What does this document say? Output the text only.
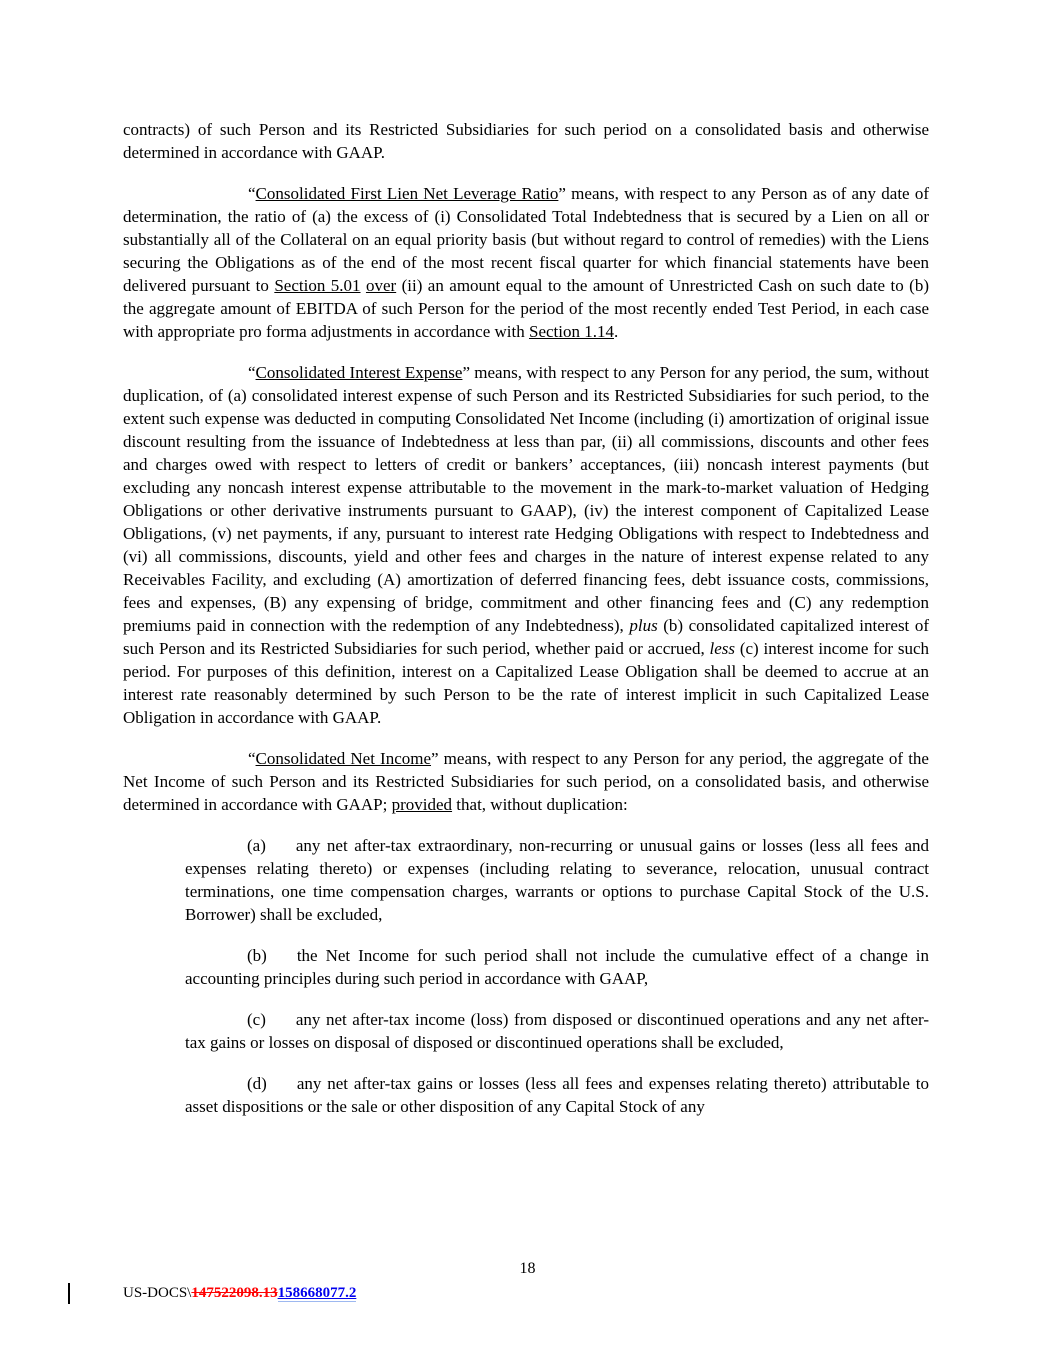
contracts) of such Person and its Restricted Subsidiaries for such period on a consolidated basis and otherwise determined in accordance with GAAP.

“Consolidated First Lien Net Leverage Ratio” means, with respect to any Person as of any date of determination, the ratio of (a) the excess of (i) Consolidated Total Indebtedness that is secured by a Lien on all or substantially all of the Collateral on an equal priority basis (but without regard to control of remedies) with the Liens securing the Obligations as of the end of the most recent fiscal quarter for which financial statements have been delivered pursuant to Section 5.01 over (ii) an amount equal to the amount of Unrestricted Cash on such date to (b) the aggregate amount of EBITDA of such Person for the period of the most recently ended Test Period, in each case with appropriate pro forma adjustments in accordance with Section 1.14.

“Consolidated Interest Expense” means, with respect to any Person for any period, the sum, without duplication, of (a) consolidated interest expense of such Person and its Restricted Subsidiaries for such period, to the extent such expense was deducted in computing Consolidated Net Income (including (i) amortization of original issue discount resulting from the issuance of Indebtedness at less than par, (ii) all commissions, discounts and other fees and charges owed with respect to letters of credit or bankers’ acceptances, (iii) noncash interest payments (but excluding any noncash interest expense attributable to the movement in the mark-to-market valuation of Hedging Obligations or other derivative instruments pursuant to GAAP), (iv) the interest component of Capitalized Lease Obligations, (v) net payments, if any, pursuant to interest rate Hedging Obligations with respect to Indebtedness and (vi) all commissions, discounts, yield and other fees and charges in the nature of interest expense related to any Receivables Facility, and excluding (A) amortization of deferred financing fees, debt issuance costs, commissions, fees and expenses, (B) any expensing of bridge, commitment and other financing fees and (C) any redemption premiums paid in connection with the redemption of any Indebtedness), plus (b) consolidated capitalized interest of such Person and its Restricted Subsidiaries for such period, whether paid or accrued, less (c) interest income for such period. For purposes of this definition, interest on a Capitalized Lease Obligation shall be deemed to accrue at an interest rate reasonably determined by such Person to be the rate of interest implicit in such Capitalized Lease Obligation in accordance with GAAP.

“Consolidated Net Income” means, with respect to any Person for any period, the aggregate of the Net Income of such Person and its Restricted Subsidiaries for such period, on a consolidated basis, and otherwise determined in accordance with GAAP; provided that, without duplication:

(a) any net after-tax extraordinary, non-recurring or unusual gains or losses (less all fees and expenses relating thereto) or expenses (including relating to severance, relocation, unusual contract terminations, one time compensation charges, warrants or options to purchase Capital Stock of the U.S. Borrower) shall be excluded,

(b) the Net Income for such period shall not include the cumulative effect of a change in accounting principles during such period in accordance with GAAP,

(c) any net after-tax income (loss) from disposed or discontinued operations and any net after-tax gains or losses on disposal of disposed or discontinued operations shall be excluded,

(d) any net after-tax gains or losses (less all fees and expenses relating thereto) attributable to asset dispositions or the sale or other disposition of any Capital Stock of any

18
US-DOCS\147522098.13158668077.2
